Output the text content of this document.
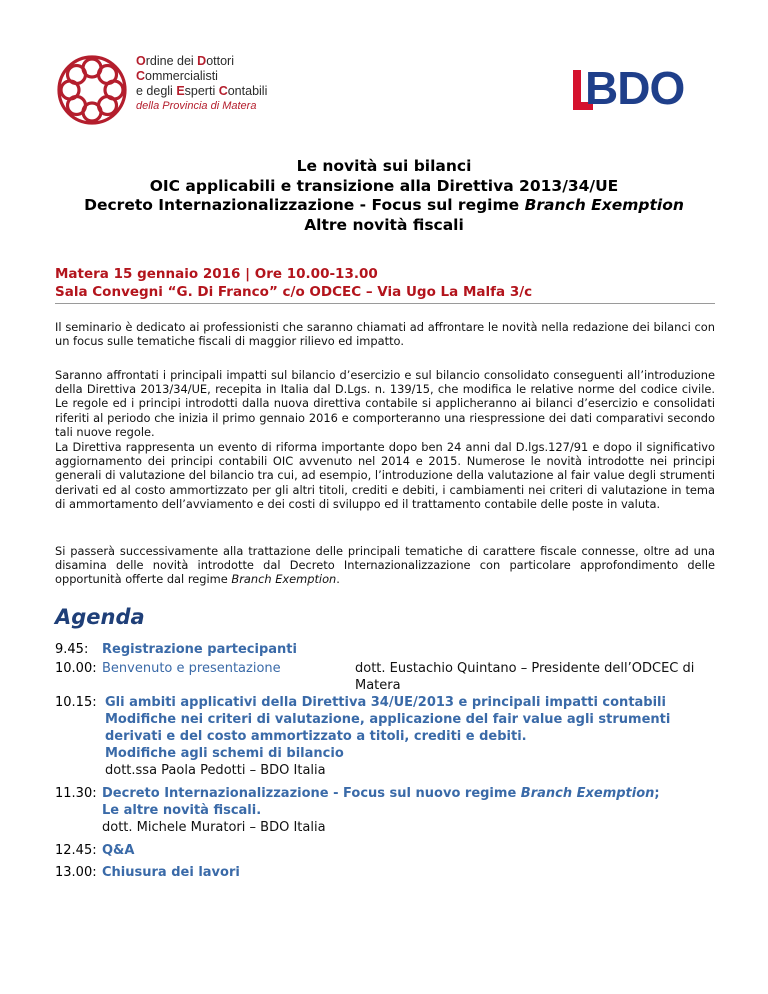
Ordine dei Dottori
Commercialisti
e degli Esperti Contabili
della Provincia di Matera	BDO
Le novità sui bilanci
OIC applicabili e transizione alla Direttiva 2013/34/UE
Decreto Internazionalizzazione - Focus sul regime Branch Exemption
Altre novità fiscali
Matera 15 gennaio 2016 | Ore 10.00-13.00
Sala Convegni “G. Di Franco” c/o ODCEC – Via Ugo La Malfa 3/c
Il seminario è dedicato ai professionisti che saranno chiamati ad affrontare le novità nella redazione dei bilanci con un focus sulle tematiche fiscali di maggior rilievo ed impatto.
Saranno affrontati i principali impatti sul bilancio d’esercizio e sul bilancio consolidato conseguenti all’introduzione della Direttiva 2013/34/UE, recepita in Italia dal D.Lgs. n. 139/15, che modifica le relative norme del codice civile. Le regole ed i principi introdotti dalla nuova direttiva contabile si applicheranno ai bilanci d’esercizio e consolidati riferiti al periodo che inizia il primo gennaio 2016 e comporteranno una riespressione dei dati comparativi secondo tali nuove regole.
La Direttiva rappresenta un evento di riforma importante dopo ben 24 anni dal D.lgs.127/91 e dopo il significativo aggiornamento dei principi contabili OIC avvenuto nel 2014 e 2015. Numerose le novità introdotte nei principi generali di valutazione del bilancio tra cui, ad esempio, l’introduzione della valutazione al fair value degli strumenti derivati ed al costo ammortizzato per gli altri titoli, crediti e debiti, i cambiamenti nei criteri di valutazione in tema di ammortamento dell’avviamento e dei costi di sviluppo ed il trattamento contabile delle poste in valuta.
Si passerà successivamente alla trattazione delle principali tematiche di carattere fiscale connesse, oltre ad una disamina delle novità introdotte dal Decreto Internazionalizzazione con particolare approfondimento delle opportunità offerte dal regime Branch Exemption.
Agenda
9.45: Registrazione partecipanti
10.00: Benvenuto e presentazione	dott. Eustachio Quintano – Presidente dell’ODCEC di
Matera
10.15: Gli ambiti applicativi della Direttiva 34/UE/2013 e principali impatti contabili
Modifiche nei criteri di valutazione, applicazione del fair value agli strumenti
derivati e del costo ammortizzato a titoli, crediti e debiti.
Modifiche agli schemi di bilancio
dott.ssa Paola Pedotti – BDO Italia
11.30: Decreto Internazionalizzazione - Focus sul nuovo regime Branch Exemption;
Le altre novità fiscali.
dott. Michele Muratori – BDO Italia
12.45: Q&A
13.00: Chiusura dei lavori
